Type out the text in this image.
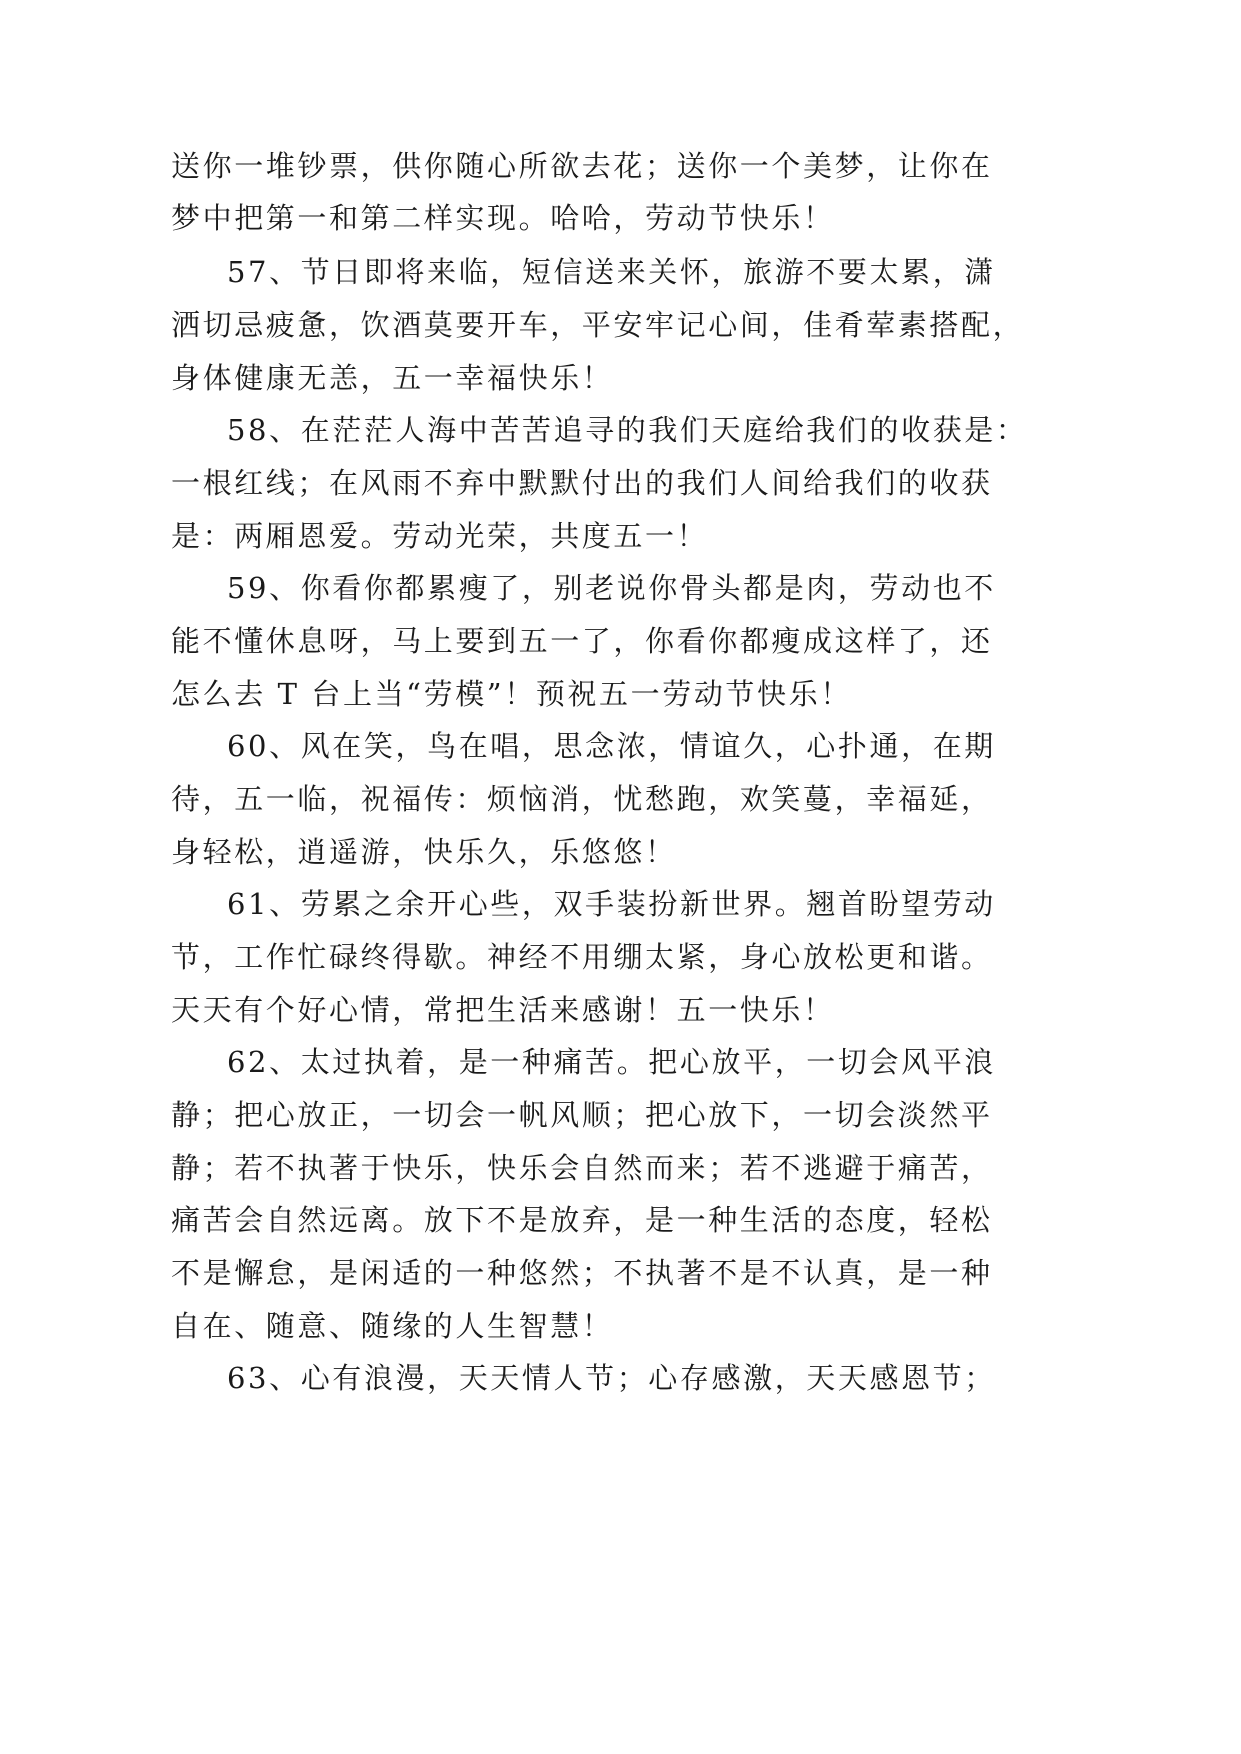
送你一堆钞票，供你随心所欲去花；送你一个美梦，让你在
梦中把第一和第二样实现。哈哈，劳动节快乐！
57、节日即将来临，短信送来关怀，旅游不要太累，潇
洒切忌疲惫，饮酒莫要开车，平安牢记心间，佳肴荤素搭配，
身体健康无恙，五一幸福快乐！
58、在茫茫人海中苦苦追寻的我们天庭给我们的收获是：
一根红线；在风雨不弃中默默付出的我们人间给我们的收获
是：两厢恩爱。劳动光荣，共度五一！
59、你看你都累瘦了，别老说你骨头都是肉，劳动也不
能不懂休息呀，马上要到五一了，你看你都瘦成这样了，还
怎么去 T 台上当“劳模”！预祝五一劳动节快乐！
60、风在笑，鸟在唱，思念浓，情谊久，心扑通，在期
待，五一临，祝福传：烦恼消，忧愁跑，欢笑蔓，幸福延，
身轻松，逍遥游，快乐久，乐悠悠！
61、劳累之余开心些，双手装扮新世界。翘首盼望劳动
节，工作忙碌终得歇。神经不用绷太紧，身心放松更和谐。
天天有个好心情，常把生活来感谢！五一快乐！
62、太过执着，是一种痛苦。把心放平，一切会风平浪
静；把心放正，一切会一帆风顺；把心放下，一切会淡然平
静；若不执著于快乐，快乐会自然而来；若不逃避于痛苦，
痛苦会自然远离。放下不是放弃，是一种生活的态度，轻松
不是懈怠，是闲适的一种悠然；不执著不是不认真，是一种
自在、随意、随缘的人生智慧！
63、心有浪漫，天天情人节；心存感激，天天感恩节；
